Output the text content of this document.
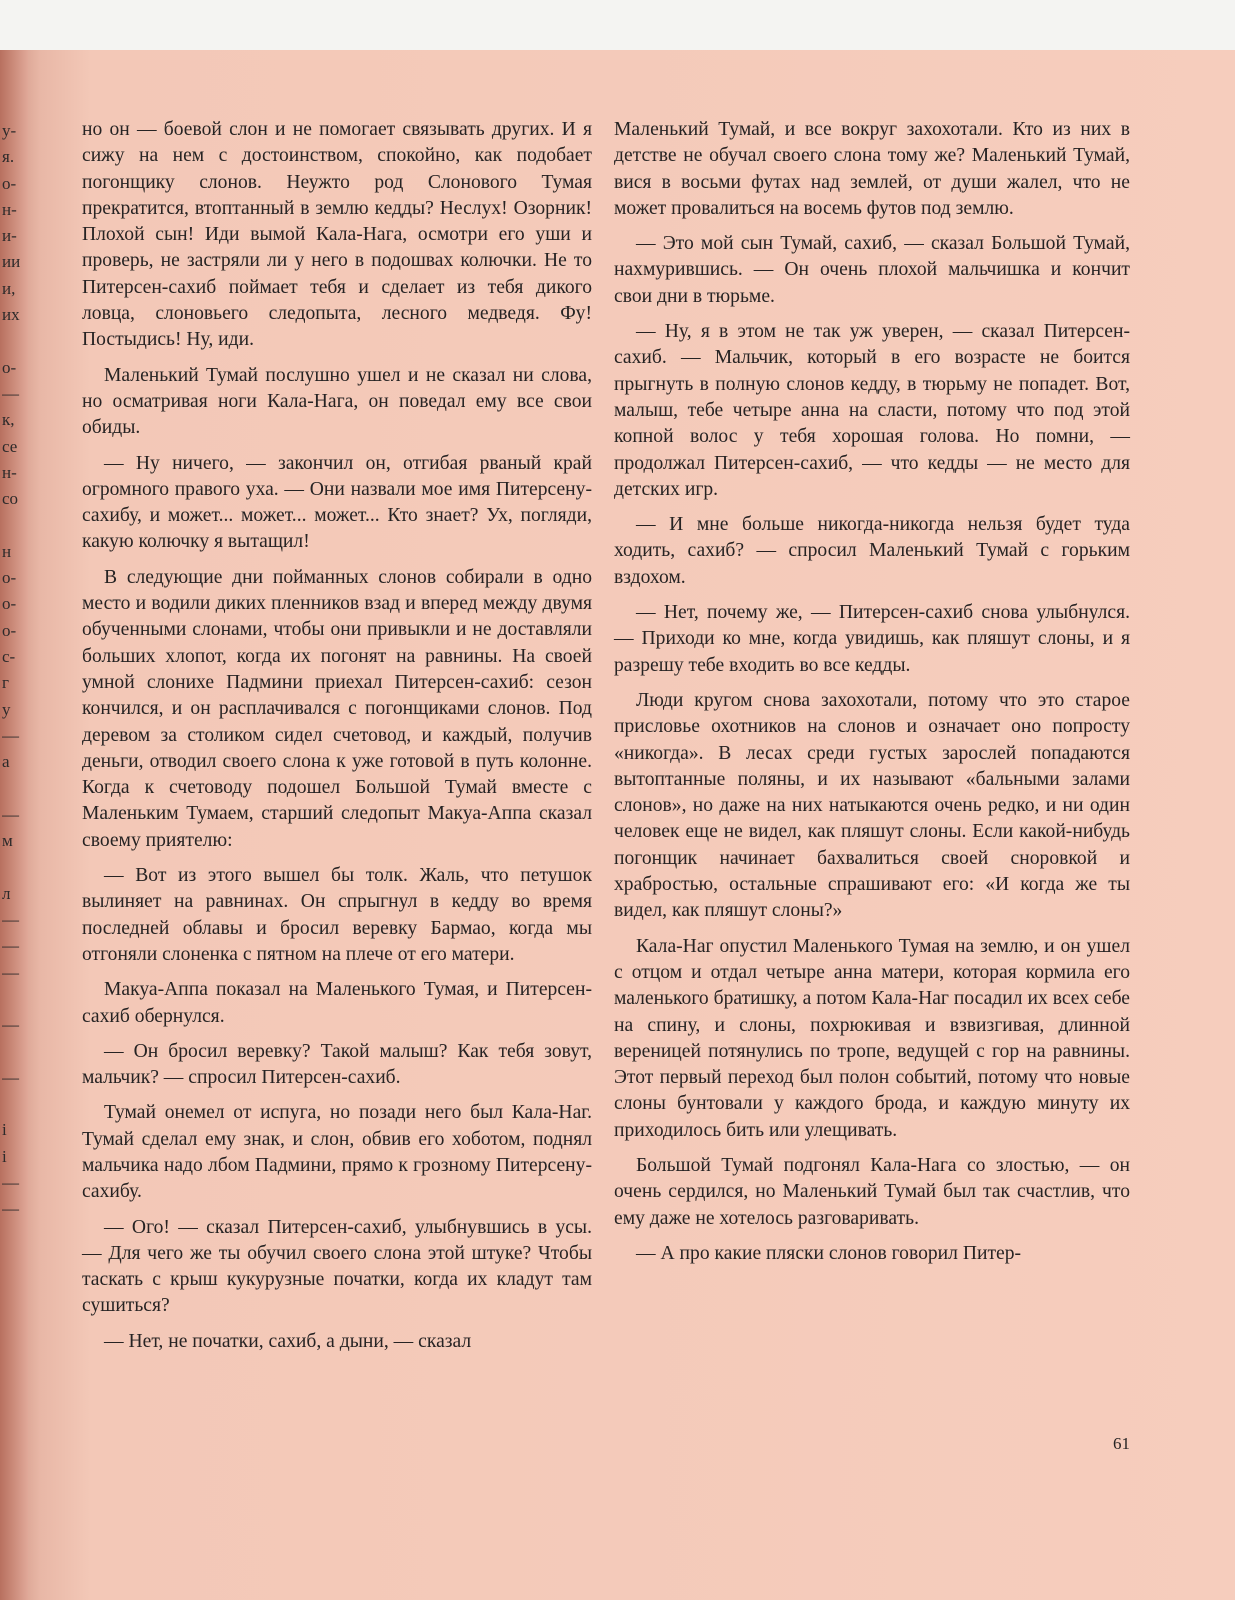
у-
я.
о-
н-
и-
ии
и,
их
о-
—
к,
се
н-
со
н
о-
о-
о-
с-
г
у
—
а
—
м
л
—
—
—
—
—
і
і
—
—

но он — боевой слон и не помогает связывать других. И я сижу на нем с достоинством, спокойно, как подобает погонщику слонов. Неужто род Слонового Тумая прекратится, втоптанный в землю кедды? Неслух! Озорник! Плохой сын! Иди вымой Кала-Нага, осмотри его уши и проверь, не застряли ли у него в подошвах колючки. Не то Питерсен-сахиб поймает тебя и сделает из тебя дикого ловца, слоновьего следопыта, лесного медведя. Фу! Постыдись! Ну, иди.

Маленький Тумай послушно ушел и не сказал ни слова, но осматривая ноги Кала-Нага, он поведал ему все свои обиды.

— Ну ничего, — закончил он, отгибая рваный край огромного правого уха. — Они назвали мое имя Питерсену-сахибу, и может... может... может... Кто знает? Ух, погляди, какую колючку я вытащил!

В следующие дни пойманных слонов собирали в одно место и водили диких пленников взад и вперед между двумя обученными слонами, чтобы они привыкли и не доставляли больших хлопот, когда их погонят на равнины. На своей умной слонихе Падмини приехал Питерсен-сахиб: сезон кончился, и он расплачивался с погонщиками слонов. Под деревом за столиком сидел счетовод, и каждый, получив деньги, отводил своего слона к уже готовой в путь колонне. Когда к счетоводу подошел Большой Тумай вместе с Маленьким Тумаем, старший следопыт Макуа-Аппа сказал своему приятелю:

— Вот из этого вышел бы толк. Жаль, что петушок вылиняет на равнинах. Он спрыгнул в кедду во время последней облавы и бросил веревку Бармао, когда мы отгоняли слоненка с пятном на плече от его матери.

Макуа-Аппа показал на Маленького Тумая, и Питерсен-сахиб обернулся.

— Он бросил веревку? Такой малыш? Как тебя зовут, мальчик? — спросил Питерсен-сахиб.

Тумай онемел от испуга, но позади него был Кала-Наг. Тумай сделал ему знак, и слон, обвив его хоботом, поднял мальчика надо лбом Падмини, прямо к грозному Питерсену-сахибу.

— Ого! — сказал Питерсен-сахиб, улыбнувшись в усы. — Для чего же ты обучил своего слона этой штуке? Чтобы таскать с крыш кукурузные початки, когда их кладут там сушиться?

— Нет, не початки, сахиб, а дыни, — сказал

Маленький Тумай, и все вокруг захохотали. Кто из них в детстве не обучал своего слона тому же? Маленький Тумай, вися в восьми футах над землей, от души жалел, что не может провалиться на восемь футов под землю.

— Это мой сын Тумай, сахиб, — сказал Большой Тумай, нахмурившись. — Он очень плохой мальчишка и кончит свои дни в тюрьме.

— Ну, я в этом не так уж уверен, — сказал Питерсен-сахиб. — Мальчик, который в его возрасте не боится прыгнуть в полную слонов кедду, в тюрьму не попадет. Вот, малыш, тебе четыре анна на сласти, потому что под этой копной волос у тебя хорошая голова. Но помни, — продолжал Питерсен-сахиб, — что кедды — не место для детских игр.

— И мне больше никогда-никогда нельзя будет туда ходить, сахиб? — спросил Маленький Тумай с горьким вздохом.

— Нет, почему же, — Питерсен-сахиб снова улыбнулся. — Приходи ко мне, когда увидишь, как пляшут слоны, и я разрешу тебе входить во все кедды.

Люди кругом снова захохотали, потому что это старое присловье охотников на слонов и означает оно попросту «никогда». В лесах среди густых зарослей попадаются вытоптанные поляны, и их называют «бальными залами слонов», но даже на них натыкаются очень редко, и ни один человек еще не видел, как пляшут слоны. Если какой-нибудь погонщик начинает бахвалиться своей сноровкой и храбростью, остальные спрашивают его: «И когда же ты видел, как пляшут слоны?»

Кала-Наг опустил Маленького Тумая на землю, и он ушел с отцом и отдал четыре анна матери, которая кормила его маленького братишку, а потом Кала-Наг посадил их всех себе на спину, и слоны, похрюкивая и взвизгивая, длинной вереницей потянулись по тропе, ведущей с гор на равнины. Этот первый переход был полон событий, потому что новые слоны бунтовали у каждого брода, и каждую минуту их приходилось бить или улещивать.

Большой Тумай подгонял Кала-Нага со злостью, — он очень сердился, но Маленький Тумай был так счастлив, что ему даже не хотелось разговаривать.

— А про какие пляски слонов говорил Питер-

61
